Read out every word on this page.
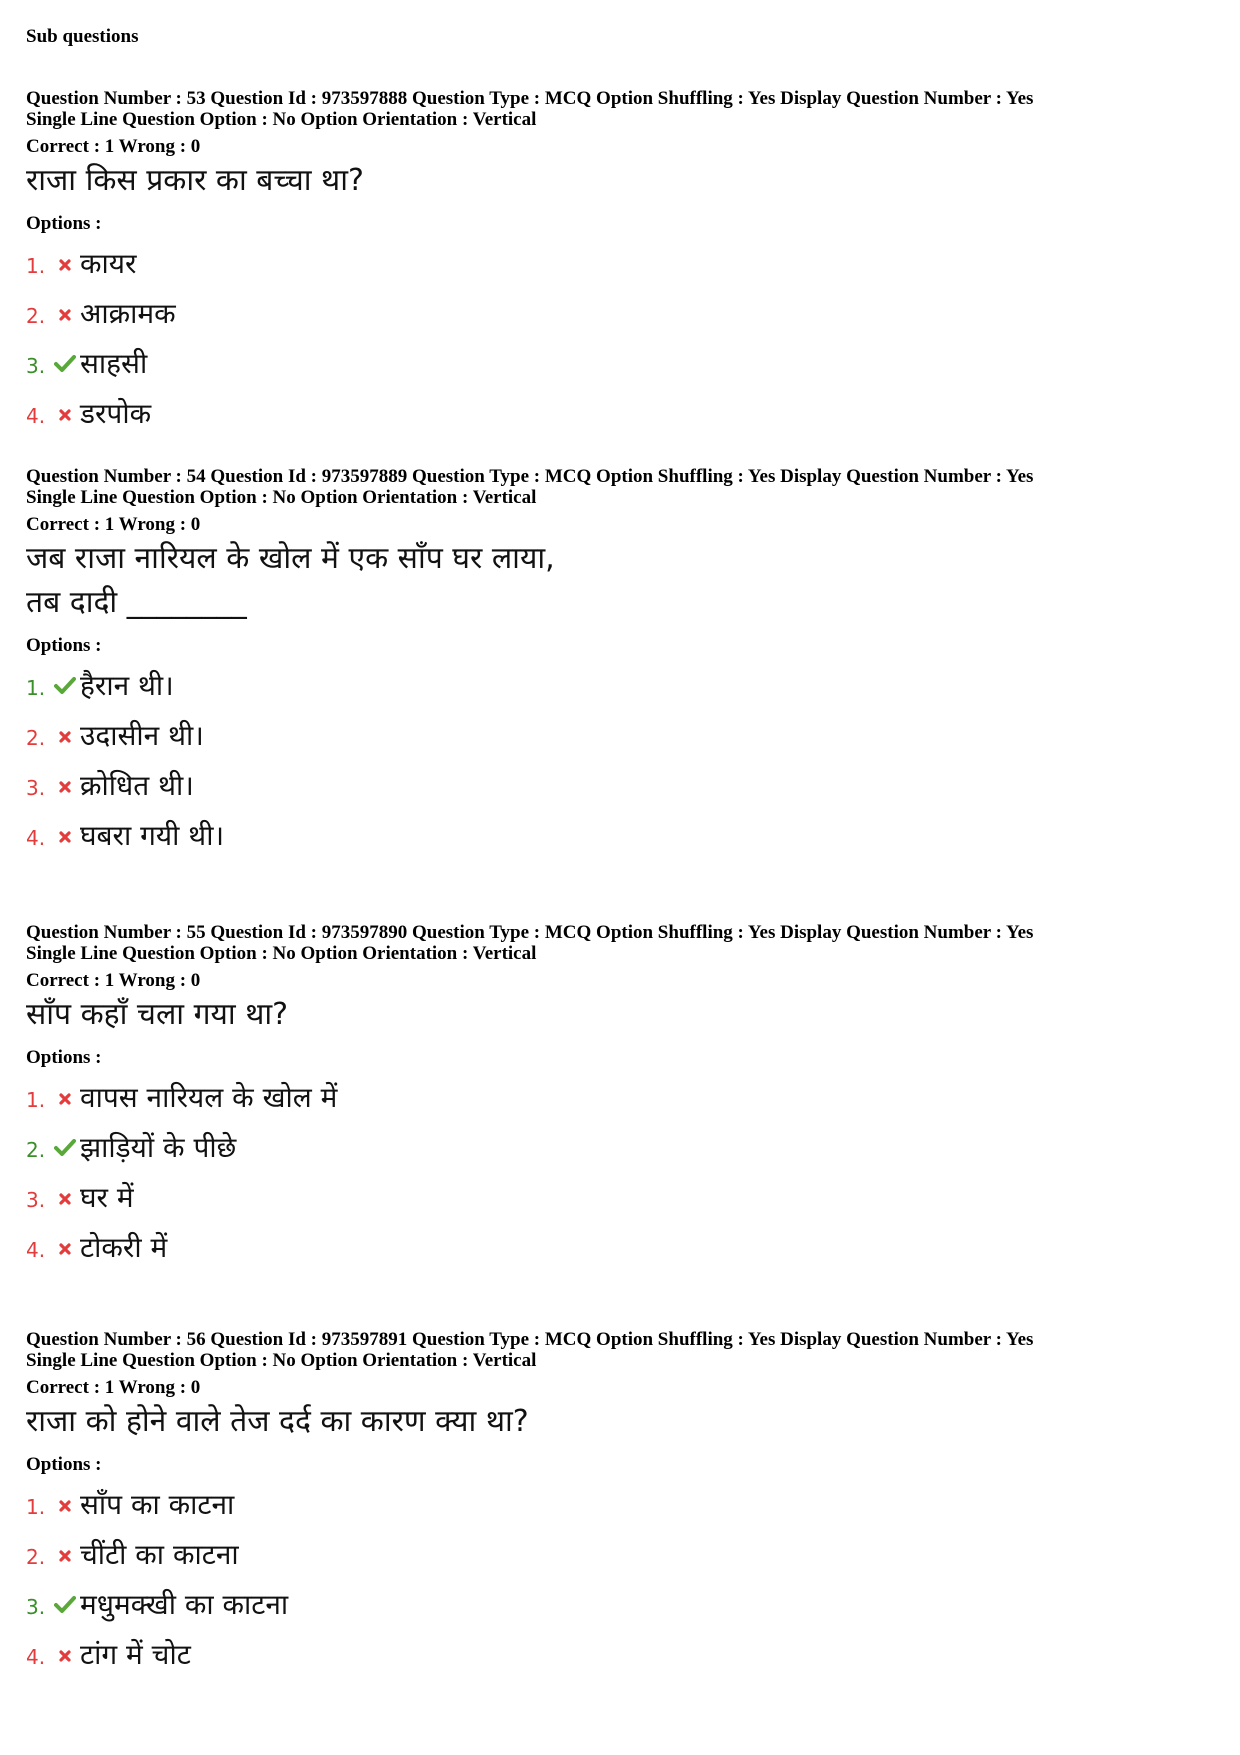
Sub questions
Question Number : 53 Question Id : 973597888 Question Type : MCQ Option Shuffling : Yes Display Question Number : Yes
Single Line Question Option : No Option Orientation : Vertical
Correct : 1 Wrong : 0
राजा किस प्रकार का बच्चा था?
Options :
1. कायर
2. आक्रामक
3. साहसी
4. डरपोक
Question Number : 54 Question Id : 973597889 Question Type : MCQ Option Shuffling : Yes Display Question Number : Yes
Single Line Question Option : No Option Orientation : Vertical
Correct : 1 Wrong : 0
जब राजा नारियल के खोल में एक साँप घर लाया, तब दादी ________
Options :
1. हैरान थी।
2. उदासीन थी।
3. क्रोधित थी।
4. घबरा गयी थी।
Question Number : 55 Question Id : 973597890 Question Type : MCQ Option Shuffling : Yes Display Question Number : Yes
Single Line Question Option : No Option Orientation : Vertical
Correct : 1 Wrong : 0
साँप कहाँ चला गया था?
Options :
1. वापस नारियल के खोल में
2. झाड़ियों के पीछे
3. घर में
4. टोकरी में
Question Number : 56 Question Id : 973597891 Question Type : MCQ Option Shuffling : Yes Display Question Number : Yes
Single Line Question Option : No Option Orientation : Vertical
Correct : 1 Wrong : 0
राजा को होने वाले तेज दर्द का कारण क्या था?
Options :
1. साँप का काटना
2. चींटी का काटना
3. मधुमक्खी का काटना
4. टांग में चोट
